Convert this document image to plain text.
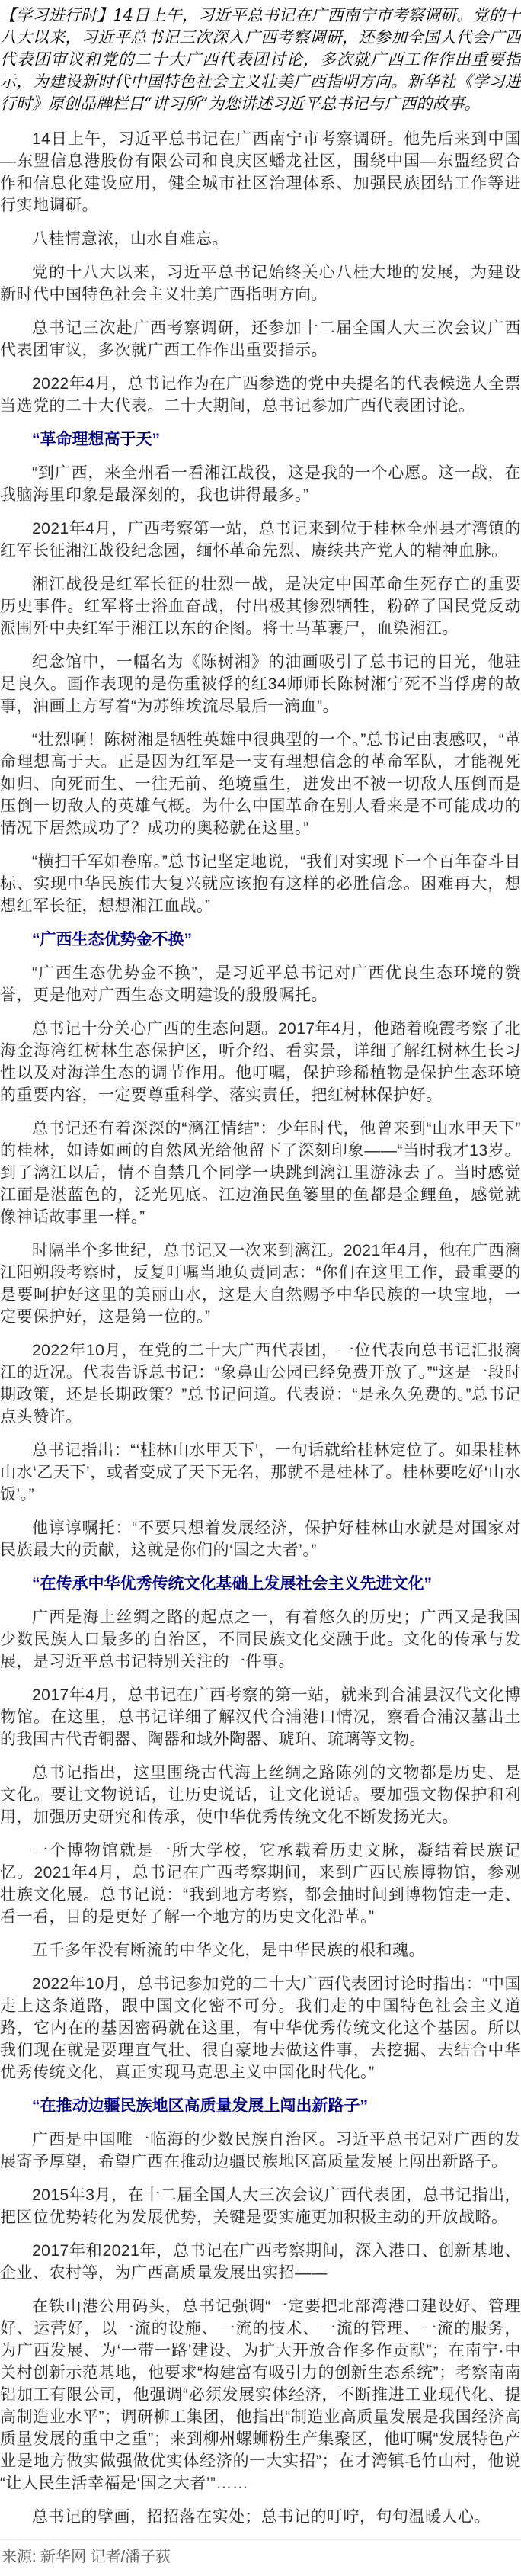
【学习进行时】14日上午，习近平总书记在广西南宁市考察调研。党的十八大以来，习近平总书记三次深入广西考察调研，还参加全国人代会广西代表团审议和党的二十大广西代表团讨论，多次就广西工作作出重要指示，为建设新时代中国特色社会主义壮美广西指明方向。新华社《学习进行时》原创品牌栏目“讲习所”为您讲述习近平总书记与广西的故事。

14日上午，习近平总书记在广西南宁市考察调研。他先后来到中国—东盟信息港股份有限公司和良庆区蟠龙社区，围绕中国—东盟经贸合作和信息化建设应用，健全城市社区治理体系、加强民族团结工作等进行实地调研。

八桂情意浓，山水自难忘。

党的十八大以来，习近平总书记始终关心八桂大地的发展，为建设新时代中国特色社会主义壮美广西指明方向。

总书记三次赴广西考察调研，还参加十二届全国人大三次会议广西代表团审议，多次就广西工作作出重要指示。

2022年4月，总书记作为在广西参选的党中央提名的代表候选人全票当选党的二十大代表。二十大期间，总书记参加广西代表团讨论。

“革命理想高于天”

“到广西，来全州看一看湘江战役，这是我的一个心愿。这一战，在我脑海里印象是最深刻的，我也讲得最多。”

2021年4月，广西考察第一站，总书记来到位于桂林全州县才湾镇的红军长征湘江战役纪念园，缅怀革命先烈、赓续共产党人的精神血脉。

湘江战役是红军长征的壮烈一战，是决定中国革命生死存亡的重要历史事件。红军将士浴血奋战，付出极其惨烈牺牲，粉碎了国民党反动派围歼中央红军于湘江以东的企图。将士马革裹尸，血染湘江。

纪念馆中，一幅名为《陈树湘》的油画吸引了总书记的目光，他驻足良久。画作表现的是伤重被俘的红34师师长陈树湘宁死不当俘虏的故事，油画上方写着“为苏维埃流尽最后一滴血”。

“壮烈啊！陈树湘是牺牲英雄中很典型的一个。”总书记由衷感叹，“革命理想高于天。正是因为红军是一支有理想信念的革命军队，才能视死如归、向死而生、一往无前、绝境重生，迸发出不被一切敌人压倒而是压倒一切敌人的英雄气概。为什么中国革命在别人看来是不可能成功的情况下居然成功了？成功的奥秘就在这里。”

“横扫千军如卷席。”总书记坚定地说，“我们对实现下一个百年奋斗目标、实现中华民族伟大复兴就应该抱有这样的必胜信念。困难再大，想想红军长征，想想湘江血战。”

“广西生态优势金不换”

“广西生态优势金不换”，是习近平总书记对广西优良生态环境的赞誉，更是他对广西生态文明建设的殷殷嘱托。

总书记十分关心广西的生态问题。2017年4月，他踏着晚霞考察了北海金海湾红树林生态保护区，听介绍、看实景，详细了解红树林生长习性以及对海洋生态的调节作用。他叮嘱，保护珍稀植物是保护生态环境的重要内容，一定要尊重科学、落实责任，把红树林保护好。

总书记还有着深深的“漓江情结”：少年时代，他曾来到“山水甲天下”的桂林，如诗如画的自然风光给他留下了深刻印象——“当时我才13岁。到了漓江以后，情不自禁几个同学一块跳到漓江里游泳去了。当时感觉江面是湛蓝色的，泛光见底。江边渔民鱼篓里的鱼都是金鲤鱼，感觉就像神话故事里一样。”

时隔半个多世纪，总书记又一次来到漓江。2021年4月，他在广西漓江阳朔段考察时，反复叮嘱当地负责同志：“你们在这里工作，最重要的是要呵护好这里的美丽山水，这是大自然赐予中华民族的一块宝地，一定要保护好，这是第一位的。”

2022年10月，在党的二十大广西代表团，一位代表向总书记汇报漓江的近况。代表告诉总书记：“象鼻山公园已经免费开放了。”“这是一段时期政策，还是长期政策？”总书记问道。代表说：“是永久免费的。”总书记点头赞许。

总书记指出：“‘桂林山水甲天下’，一句话就给桂林定位了。如果桂林山水‘乙天下’，或者变成了天下无名，那就不是桂林了。桂林要吃好‘山水饭’。”

他谆谆嘱托：“不要只想着发展经济，保护好桂林山水就是对国家对民族最大的贡献，这就是你们的‘国之大者’。”

“在传承中华优秀传统文化基础上发展社会主义先进文化”

广西是海上丝绸之路的起点之一，有着悠久的历史；广西又是我国少数民族人口最多的自治区，不同民族文化交融于此。文化的传承与发展，是习近平总书记特别关注的一件事。

2017年4月，总书记在广西考察的第一站，就来到合浦县汉代文化博物馆。在这里，总书记详细了解汉代合浦港口情况，察看合浦汉墓出土的我国古代青铜器、陶器和域外陶器、琥珀、琉璃等文物。

总书记指出，这里围绕古代海上丝绸之路陈列的文物都是历史、是文化。要让文物说话，让历史说话，让文化说话。要加强文物保护和利用，加强历史研究和传承，使中华优秀传统文化不断发扬光大。

一个博物馆就是一所大学校，它承载着历史文脉，凝结着民族记忆。2021年4月，总书记在广西考察期间，来到广西民族博物馆，参观壮族文化展。总书记说：“我到地方考察，都会抽时间到博物馆走一走、看一看，目的是更好了解一个地方的历史文化沿革。”

五千多年没有断流的中华文化，是中华民族的根和魂。

2022年10月，总书记参加党的二十大广西代表团讨论时指出：“中国走上这条道路，跟中国文化密不可分。我们走的中国特色社会主义道路，它内在的基因密码就在这里，有中华优秀传统文化这个基因。所以我们现在就是要理直气壮、很自豪地去做这件事，去挖掘、去结合中华优秀传统文化，真正实现马克思主义中国化时代化。”

“在推动边疆民族地区高质量发展上闯出新路子”

广西是中国唯一临海的少数民族自治区。习近平总书记对广西的发展寄予厚望，希望广西在推动边疆民族地区高质量发展上闯出新路子。

2015年3月，在十二届全国人大三次会议广西代表团，总书记指出，把区位优势转化为发展优势，关键是要实施更加积极主动的开放战略。

2017年和2021年，总书记在广西考察期间，深入港口、创新基地、企业、农村等，为广西高质量发展出实招——

在铁山港公用码头，总书记强调“一定要把北部湾港口建设好、管理好、运营好，以一流的设施、一流的技术、一流的管理、一流的服务，为广西发展、为‘一带一路’建设、为扩大开放合作多作贡献”；在南宁·中关村创新示范基地，他要求“构建富有吸引力的创新生态系统”；考察南南铝加工有限公司，他强调“必须发展实体经济，不断推进工业现代化、提高制造业水平”；调研柳工集团，他指出“制造业高质量发展是我国经济高质量发展的重中之重”；来到柳州螺蛳粉生产集聚区，他叮嘱“发展特色产业是地方做实做强做优实体经济的一大实招”；在才湾镇毛竹山村，他说“让人民生活幸福是‘国之大者’”……

总书记的擘画，招招落在实处；总书记的叮咛，句句温暖人心。

来源: 新华网 记者/潘子荻
